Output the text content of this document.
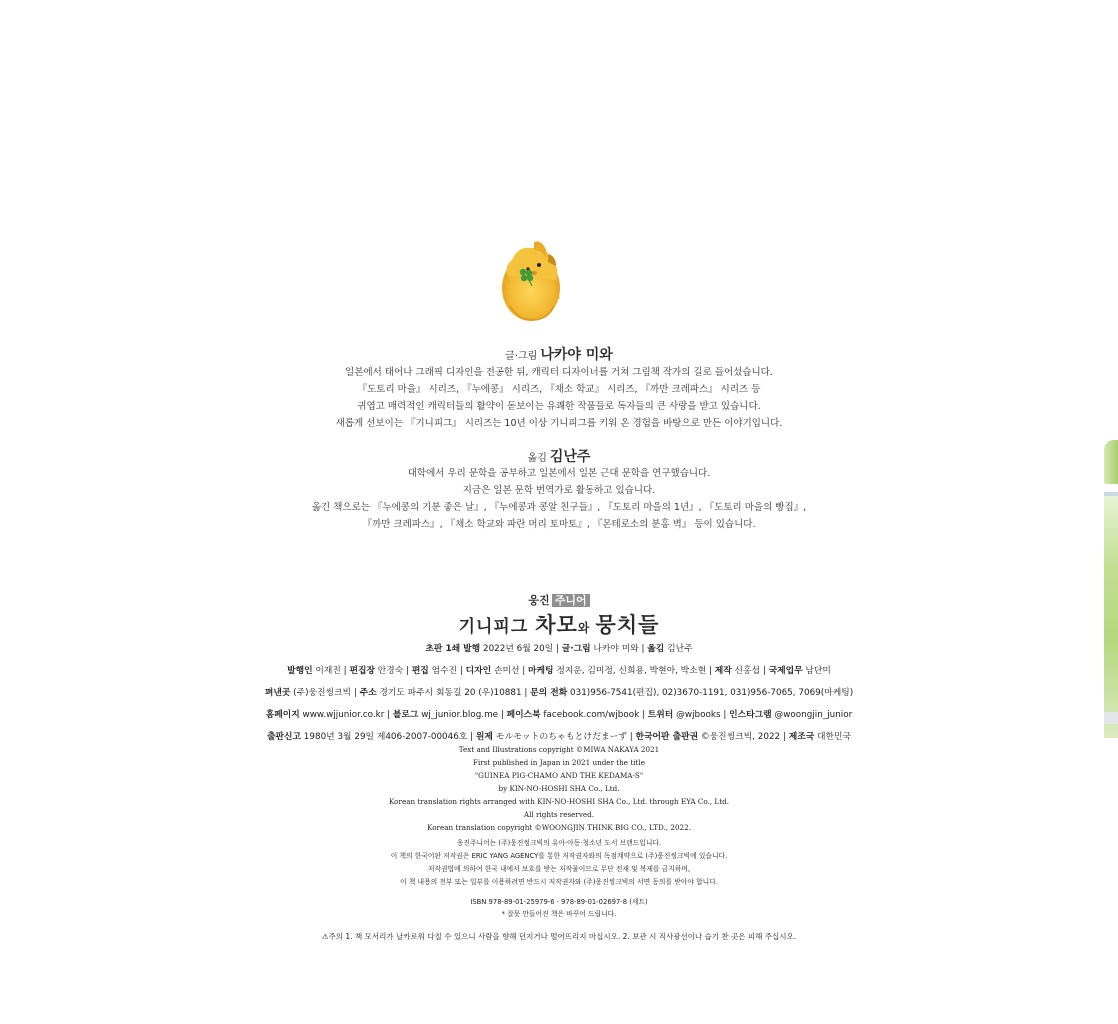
글·그림 나카야 미와
일본에서 태어나 그래픽 디자인을 전공한 뒤, 캐릭터 디자이너를 거쳐 그림책 작가의 길로 들어섰습니다.
『도토리 마을』 시리즈, 『누에콩』 시리즈, 『채소 학교』 시리즈, 『까만 크레파스』 시리즈 등
귀엽고 매력적인 캐릭터들의 활약이 돋보이는 유쾌한 작품들로 독자들의 큰 사랑을 받고 있습니다.
새롭게 선보이는 『기니피그』 시리즈는 10년 이상 기니피그를 키워 온 경험을 바탕으로 만든 이야기입니다.
옮김 김난주
대학에서 우리 문학을 공부하고 일본에서 일본 근대 문학을 연구했습니다.
지금은 일본 문학 번역가로 활동하고 있습니다.
옮긴 책으로는 『누에콩의 기분 좋은 날』, 『누에콩과 콩알 친구들』, 『도토리 마을의 1년』, 『도토리 마을의 빵집』,
『까만 크레파스』, 『채소 학교와 파란 머리 토마토』, 『몬테로소의 분홍 벽』 등이 있습니다.
웅진 주니어
기니피그 차모와 뭉치들
초판 1쇄 발행 2022년 6월 20일 | 글·그림 나카야 미와 | 옮김 김난주
발행인 이재진 | 편집장 안경숙 | 편집 엄수진 | 디자인 손미선 | 마케팅 정지운, 김미정, 신희용, 박현아, 박소현 | 제작 신홍섭 | 국제업무 남단미
펴낸곳 (주)웅진씽크빅 | 주소 경기도 파주시 회동길 20 (우)10881 | 문의 전화 031)956-7541(편집), 02)3670-1191, 031)956-7065, 7069(마케팅)
홈페이지 www.wjjunior.co.kr | 블로그 wj_junior.blog.me | 페이스북 facebook.com/wjbook | 트위터 @wjbooks | 인스타그램 @woongjin_junior
출판신고 1980년 3월 29일 제406-2007-00046호 | 원제 モルモットのちゃもとけだまーず | 한국어판 출판권 ©웅진씽크빅, 2022 | 제조국 대한민국
Text and Illustrations copyright ©MIWA NAKAYA 2021
First published in Japan in 2021 under the title
"GUINEA PIG-CHAMO AND THE KEDAMA-S"
by KIN-NO-HOSHI SHA Co., Ltd.
Korean translation rights arranged with KIN-NO-HOSHI SHA Co., Ltd. through EYA Co., Ltd.
All rights reserved.
Korean translation copyright ©WOONGJIN THINK BIG CO., LTD., 2022.
웅진주니어는 (주)웅진씽크빅의 유아·아동·청소년 도서 브랜드입니다.
이 책의 한국어판 저작권은 ERIC YANG AGENCY를 통한 저작권자와의 독점계약으로 (주)웅진씽크빅에 있습니다.
저작권법에 의하여 한국 내에서 보호를 받는 저작물이므로 무단 전재 및 복제를 금지하며,
이 책 내용의 전부 또는 일부를 이용하려면 반드시 저작권자와 (주)웅진씽크빅의 서면 동의를 받아야 합니다.
ISBN 978-89-01-25979-6 · 978-89-01-02697-8 (세트)
* 잘못 만들어진 책은 바꾸어 드립니다.
⚠주의 1. 책 모서리가 날카로워 다칠 수 있으니 사람을 향해 던지거나 떨어뜨리지 마십시오. 2. 보관 시 직사광선이나 습기 찬 곳은 피해 주십시오.
